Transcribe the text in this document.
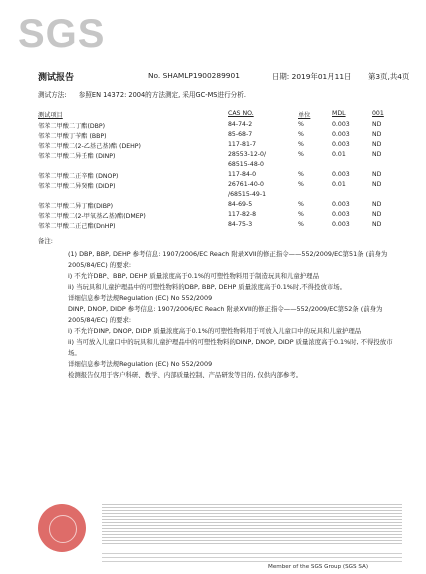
SGS
测试报告	No. SHAMLP1900289901	日期: 2019年01月11日 第3页,共4页
测试方法: 参照EN 14372: 2004的方法测定, 采用GC-MS进行分析.
测试项目	CAS NO.	单位	MDL	001
邻苯二甲酸二丁酯(DBP)	84-74-2	%	0.003	ND
邻苯二甲酸丁苄酯 (BBP)	85-68-7	%	0.003	ND
邻苯二甲酸二(2-乙基己基)酯 (DEHP)	117-81-7	%	0.003	ND
邻苯二甲酸二异壬酯 (DINP)	28553-12-0/	%	0.01	ND
	68515-48-0			
邻苯二甲酸二正辛酯 (DNOP)	117-84-0	%	0.003	ND
邻苯二甲酸二异癸酯 (DIDP)	26761-40-0	%	0.01	ND
	/68515-49-1			
邻苯二甲酸二异丁酯(DIBP)	84-69-5	%	0.003	ND
邻苯二甲酸二(2-甲氧基乙基)酯(DMEP)	117-82-8	%	0.003	ND
邻苯二甲酸二正己酯(DnHP)	84-75-3	%	0.003	ND
备注:

(1) DBP, BBP, DEHP 参考信息: 1907/2006/EC Reach 附录XVII的修正指令——552/2009/EC第51条 (前身为2005/84/EC) 的要求:

i) 不允许DBP、BBP, DEHP 质量浓度高于0.1%的可塑性物料用于制造玩具和儿童护理品

ii) 当玩具和儿童护理品中的可塑性物料的DBP, BBP, DEHP 质量浓度高于0.1%时,不得投放市场。

详细信息参考法规Regulation (EC) No 552/2009

DINP, DNOP, DIDP 参考信息: 1907/2006/EC Reach 附录XVII的修正指令——552/2009/EC第52条 (前身为2005/84/EC) 的要求:

i) 不允许DINP, DNOP, DIDP 质量浓度高于0.1%的可塑性物料用于可放入儿童口中的玩具和儿童护理品

ii) 当可放入儿童口中的玩具和儿童护理品中的可塑性物料的DINP, DNOP, DIDP 质量浓度高于0.1%时, 不得投放市场。

详细信息参考法规Regulation (EC) No 552/2009

检测报告仅用于客户科研、教学、内部质量控制、产品研发等目的, 仅供内部参考。

Member of the SGS Group (SGS SA)
